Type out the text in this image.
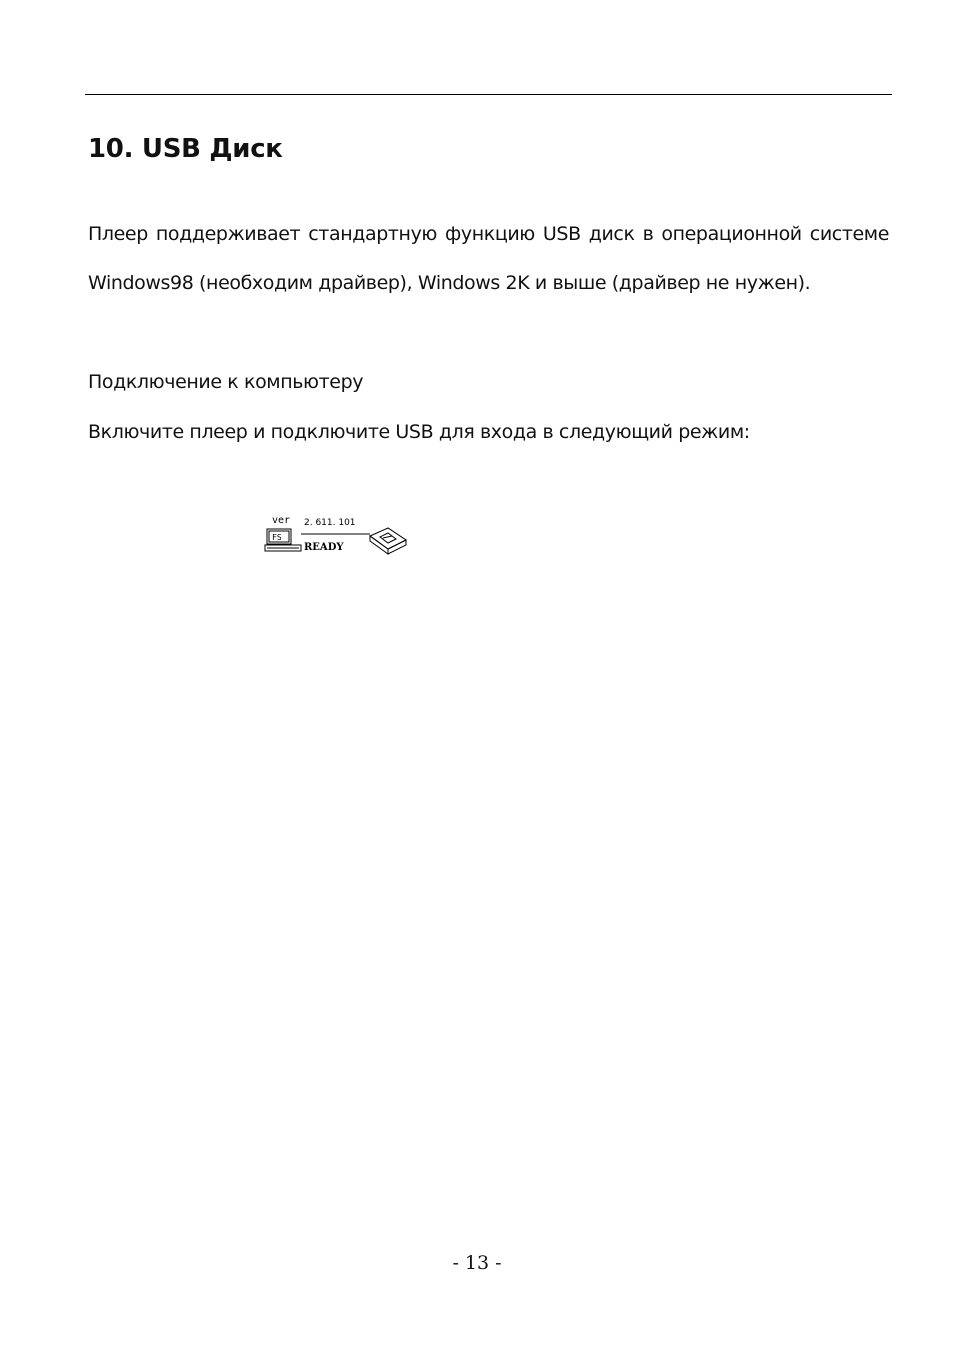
10. USB Диск

Плеер поддерживает стандартную функцию USB диск в операционной системе Windows98 (необходим драйвер), Windows 2K и выше (драйвер не нужен).

Подключение к компьютеру

Включите плеер и подключите USB для входа в следующий режим:

ver 2. 611. 101
FS
READY

- 13 -
